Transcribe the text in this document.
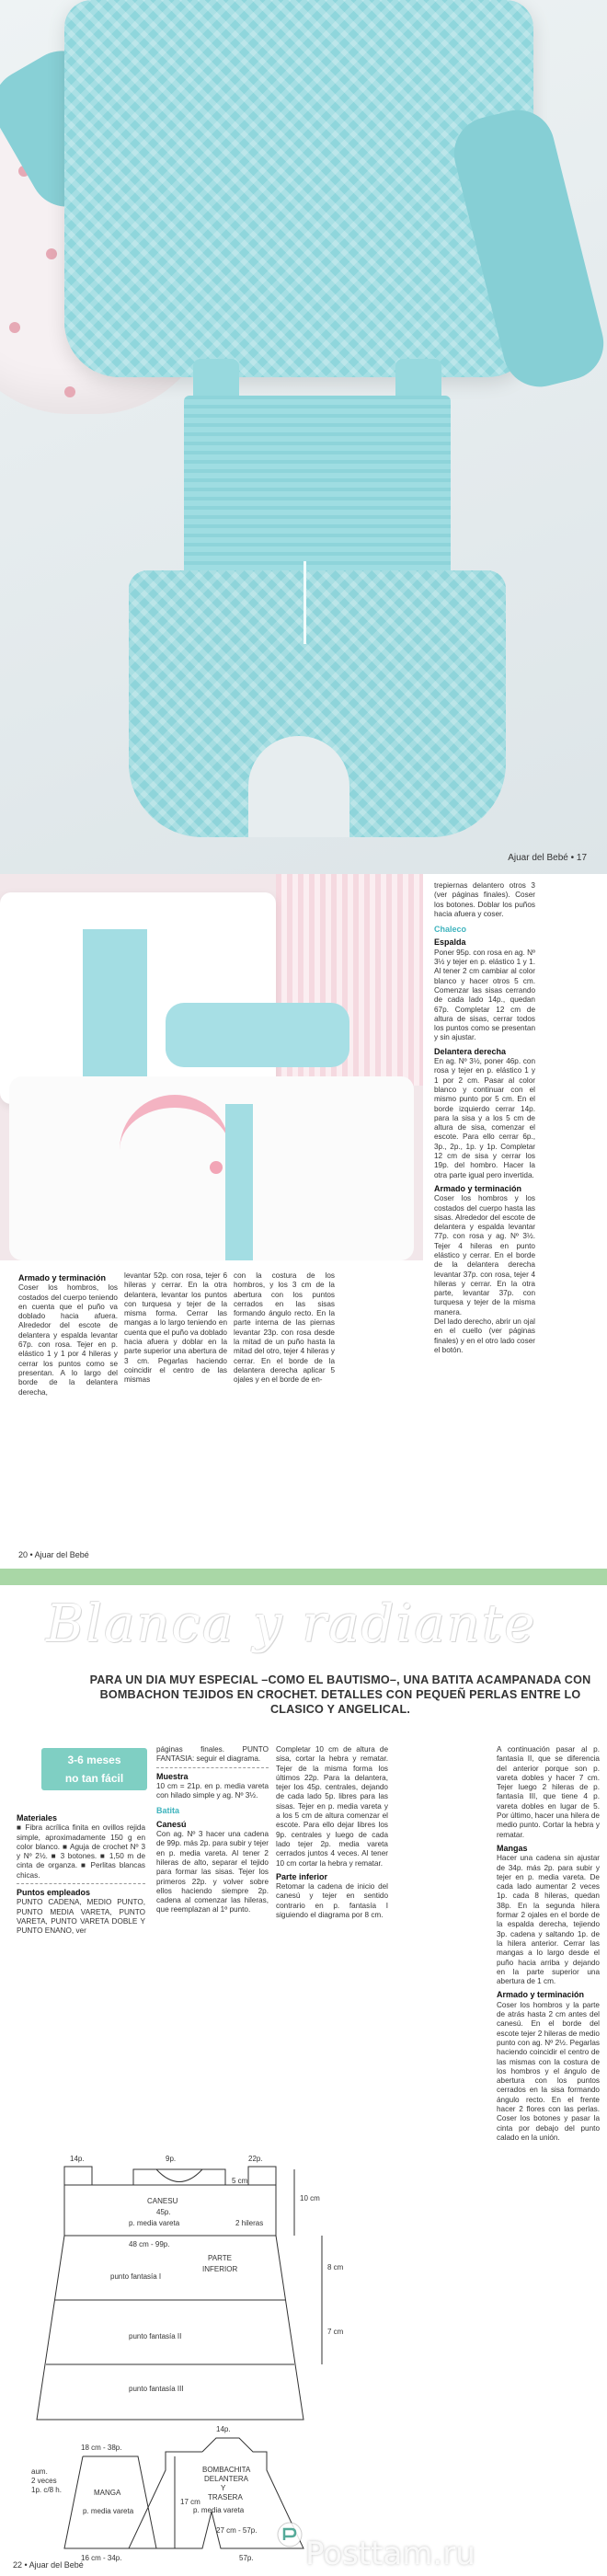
Ajuar del Bebé • 17
Armado y terminación

Coser los hombros, los costados del cuerpo teniendo en cuenta que el puño va doblado hacia afuera. Alrededor del escote de delantera y espalda levantar 67p. con rosa. Tejer en p. elástico 1 y 1 por 4 hileras y cerrar los puntos como se presentan. A lo largo del borde de la delantera derecha,

levantar 52p. con rosa, tejer 6 hileras y cerrar. En la otra delantera, levantar los puntos con turquesa y tejer de la misma forma. Cerrar las mangas a lo largo teniendo en cuenta que el puño va doblado hacia afuera y doblar en la parte superior una abertura de 3 cm. Pegarlas haciendo coincidir el centro de las mismas

con la costura de los hombros, y los 3 cm de la abertura con los puntos cerrados en las sisas formando ángulo recto. En la parte interna de las piernas levantar 23p. con rosa desde la mitad de un puño hasta la mitad del otro, tejer 4 hileras y cerrar. En el borde de la delantera derecha aplicar 5 ojales y en el borde de en-

trepiernas delantero otros 3 (ver páginas finales). Coser los botones. Doblar los puños hacia afuera y coser.

Chaleco
Espalda

Poner 95p. con rosa en ag. Nº 3½ y tejer en p. elástico 1 y 1. Al tener 2 cm cambiar al color blanco y hacer otros 5 cm. Comenzar las sisas cerrando de cada lado 14p., quedan 67p. Completar 12 cm de altura de sisas, cerrar todos los puntos como se presentan y sin ajustar.

Delantera derecha

En ag. Nº 3½, poner 46p. con rosa y tejer en p. elástico 1 y 1 por 2 cm. Pasar al color blanco y continuar con el mismo punto por 5 cm. En el borde izquierdo cerrar 14p. para la sisa y a los 5 cm de altura de sisa, comenzar el escote. Para ello cerrar 6p., 3p., 2p., 1p. y 1p. Completar 12 cm de sisa y cerrar los 19p. del hombro. Hacer la otra parte igual pero invertida.

Armado y terminación

Coser los hombros y los costados del cuerpo hasta las sisas. Alrededor del escote de delantera y espalda levantar 77p. con rosa y ag. Nº 3½. Tejer 4 hileras en punto elástico y cerrar. En el borde de la delantera derecha levantar 37p. con rosa, tejer 4 hileras y cerrar. En la otra parte, levantar 37p. con turquesa y tejer de la misma manera.

Del lado derecho, abrir un ojal en el cuello (ver páginas finales) y en el otro lado coser el botón.

20 • Ajuar del Bebé
Blanca y radiante
PARA UN DIA MUY ESPECIAL –COMO EL BAUTISMO–, UNA BATITA ACAMPANADA CON BOMBACHON TEJIDOS EN CROCHET. DETALLES CON PEQUEÑ PERLAS ENTRE LO CLASICO Y ANGELICAL.
3-6 meses
no tan fácil
Materiales

■ Fibra acrílica finita en ovillos rejida simple, aproximadamente 150 g en color blanco. ■ Aguja de crochet Nº 3 y Nº 2½. ■ 3 botones. ■ 1,50 m de cinta de organza. ■ Perlitas blancas chicas.

Puntos empleados

PUNTO CADENA, MEDIO PUNTO, PUNTO MEDIA VARETA, PUNTO VARETA, PUNTO VARETA DOBLE Y PUNTO ENANO, ver

páginas finales. PUNTO FANTASIA: seguir el diagrama.

Muestra

10 cm = 21p. en p. media vareta con hilado simple y ag. Nº 3½.

Batita
Canesú

Con ag. Nº 3 hacer una cadena de 99p. más 2p. para subir y tejer en p. media vareta. Al tener 2 hileras de alto, separar el tejido para formar las sisas. Tejer los primeros 22p. y volver sobre ellos haciendo siempre 2p. cadena al comenzar las hileras, que reemplazan al 1º punto.

Completar 10 cm de altura de sisa, cortar la hebra y rematar. Tejer de la misma forma los últimos 22p. Para la delantera, tejer los 45p. centrales, dejando de cada lado 5p. libres para las sisas. Tejer en p. media vareta y a los 5 cm de altura comenzar el escote. Para ello dejar libres los 9p. centrales y luego de cada lado tejer 2p. media vareta cerrados juntos 4 veces. Al tener 10 cm cortar la hebra y rematar.

Parte inferior

Retomar la cadena de inicio del canesú y tejer en sentido contrario en p. fantasía I siguiendo el diagrama por 8 cm.

A continuación pasar al p. fantasía II, que se diferencia del anterior porque son p. vareta dobles y hacer 7 cm. Tejer luego 2 hileras de p. fantasía III, que tiene 4 p. vareta dobles en lugar de 5. Por último, hacer una hilera de medio punto. Cortar la hebra y rematar.

Mangas

Hacer una cadena sin ajustar de 34p. más 2p. para subir y tejer en p. media vareta. De cada lado aumentar 2 veces 1p. cada 8 hileras, quedan 38p. En la segunda hilera formar 2 ojales en el borde de la espalda derecha, tejiendo 3p. cadena y saltando 1p. de la hilera anterior. Cerrar las mangas a lo largo desde el puño hacia arriba y dejando en la parte superior una abertura de 1 cm.

Armado y terminación

Coser los hombros y la parte de atrás hasta 2 cm antes del canesú. En el borde del escote tejer 2 hileras de medio punto con ag. Nº 2½. Pegarlas haciendo coincidir el centro de las mismas con la costura de los hombros y el ángulo de abertura con los puntos cerrados en la sisa formando ángulo recto. En el frente hacer 2 flores con las perlas. Coser los botones y pasar la cinta por debajo del punto calado en la unión.

14p.	9p.	22p.
10 cm
5 cm
CANESU
45p.
p. media vareta	2 hileras
48 cm - 99p.
punto fantasía I
PARTE
INFERIOR	8 cm
punto fantasía II
7 cm
punto fantasía III
18 cm - 38p.
aum.
2 veces
1p. c/8 h.	MANGA
p. media vareta
17 cm
16 cm - 34p.
14p.
BOMBACHITA
DELANTERA
Y
TRASERA
p. media vareta
27 cm - 57p.
57p.
22 • Ajuar del Bebé	Posttam.ru
